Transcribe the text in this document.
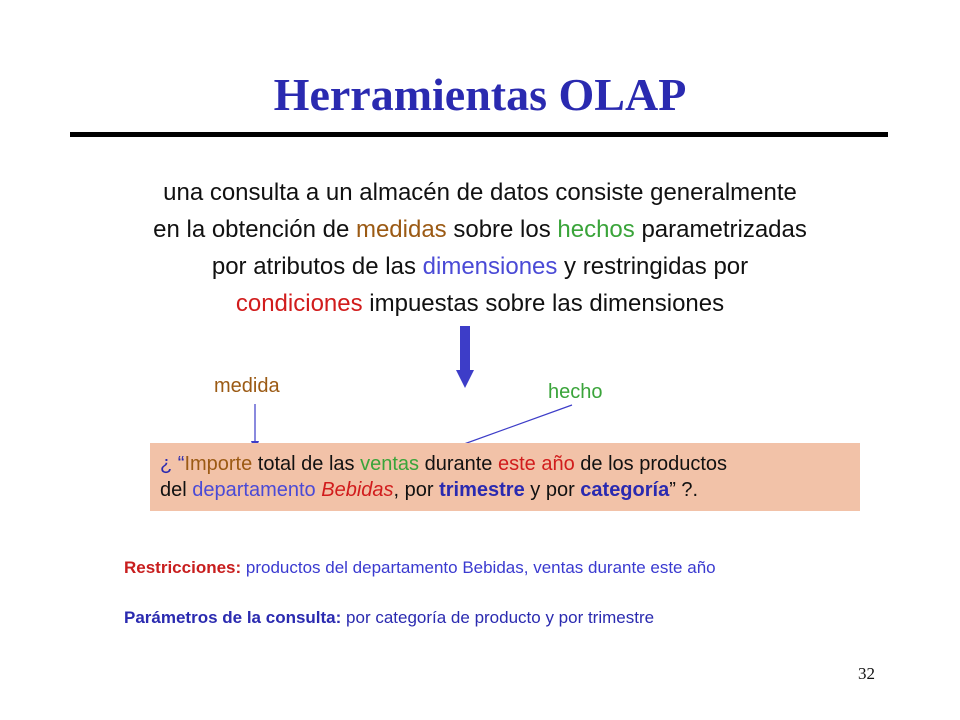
Herramientas OLAP
una consulta a un almacén de datos consiste generalmente
en la obtención de medidas sobre los hechos parametrizadas
por atributos de las dimensiones y restringidas por
condiciones impuestas sobre las dimensiones
medida	hecho
¿ “Importe total de las ventas durante este año de los productos
del departamento Bebidas, por trimestre y por categoría” ?.
Restricciones: productos del departamento Bebidas, ventas durante este año
Parámetros de la consulta: por categoría de producto y por trimestre
32
